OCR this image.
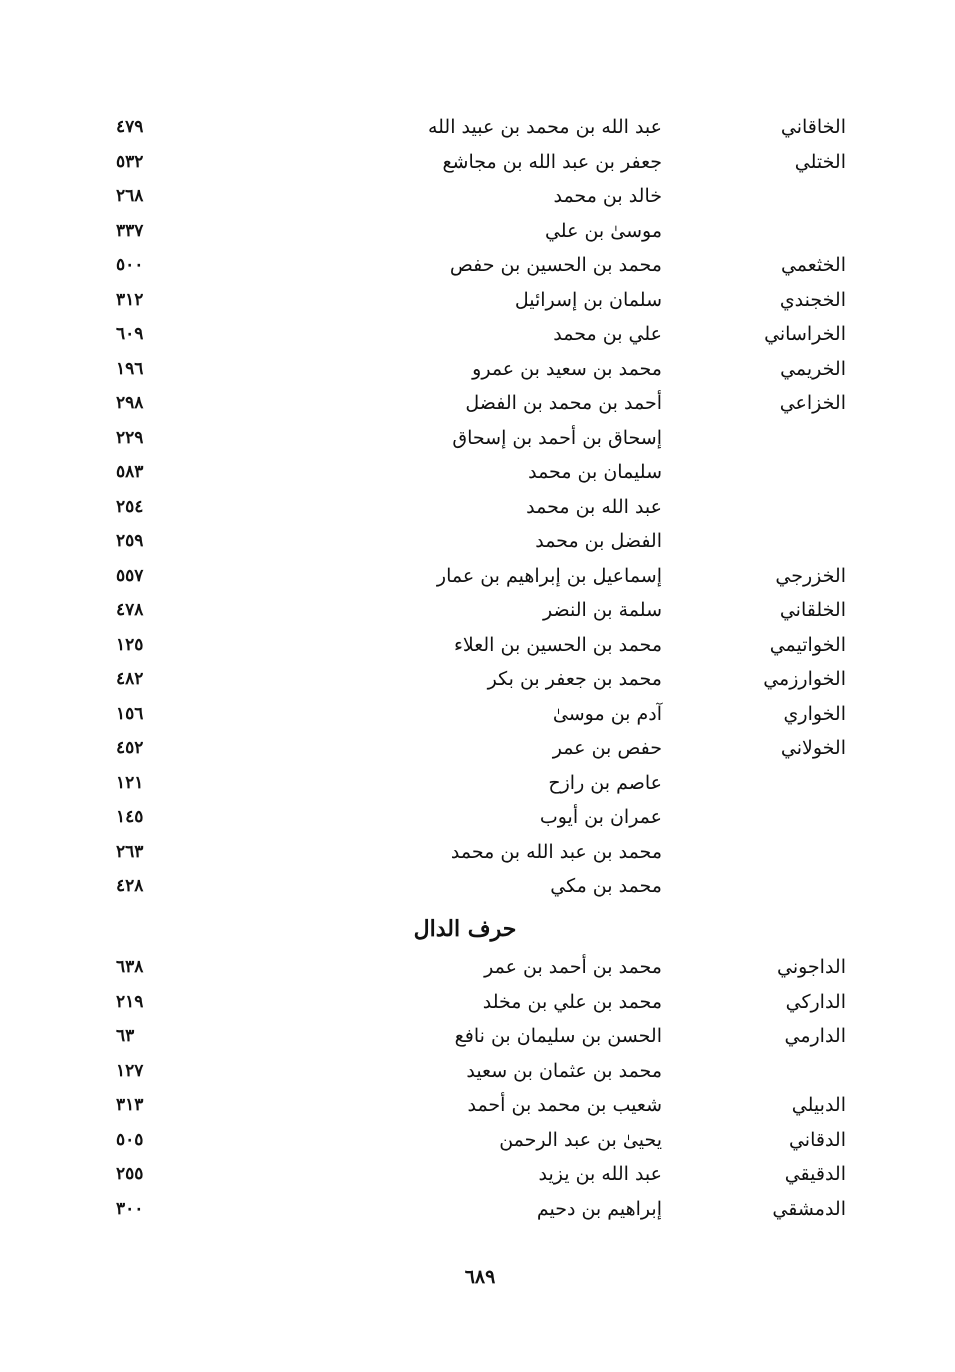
الخاقاني
عبد الله بن محمد بن عبيد الله
٤٧٩
الختلي
جعفر بن عبد الله بن مجاشع
٥٣٢
خالد بن محمد
٢٦٨
موسىٰ بن علي
٣٣٧
الخثعمي
محمد بن الحسين بن حفص
٥٠٠
الخجندي
سلمان بن إسرائيل
٣١٢
الخراساني
علي بن محمد
٦٠٩
الخريمي
محمد بن سعيد بن عمرو
١٩٦
الخزاعي
أحمد بن محمد بن الفضل
٢٩٨
إسحاق بن أحمد بن إسحاق
٢٢٩
سليمان بن محمد
٥٨٣
عبد الله بن محمد
٢٥٤
الفضل بن محمد
٢٥٩
الخزرجي
إسماعيل بن إبراهيم بن عمار
٥٥٧
الخلقاني
سلمة بن النضر
٤٧٨
الخواتيمي
محمد بن الحسين بن العلاء
١٢٥
الخوارزمي
محمد بن جعفر بن بكر
٤٨٢
الخواري
آدم بن موسىٰ
١٥٦
الخولاني
حفص بن عمر
٤٥٢
عاصم بن رازح
١٢١
عمران بن أيوب
١٤٥
محمد بن عبد الله بن محمد
٢٦٣
محمد بن مكي
٤٢٨
حرف الدال
الداجوني
محمد بن أحمد بن عمر
٦٣٨
الداركي
محمد بن علي بن مخلد
٢١٩
الدارمي
الحسن بن سليمان بن نافع
٦٣
محمد بن عثمان بن سعيد
١٢٧
الدبيلي
شعيب بن محمد بن أحمد
٣١٣
الدقاني
يحيىٰ بن عبد الرحمن
٥٠٥
الدقيقي
عبد الله بن يزيد
٢٥٥
الدمشقي
إبراهيم بن دحيم
٣٠٠
٦٨٩
